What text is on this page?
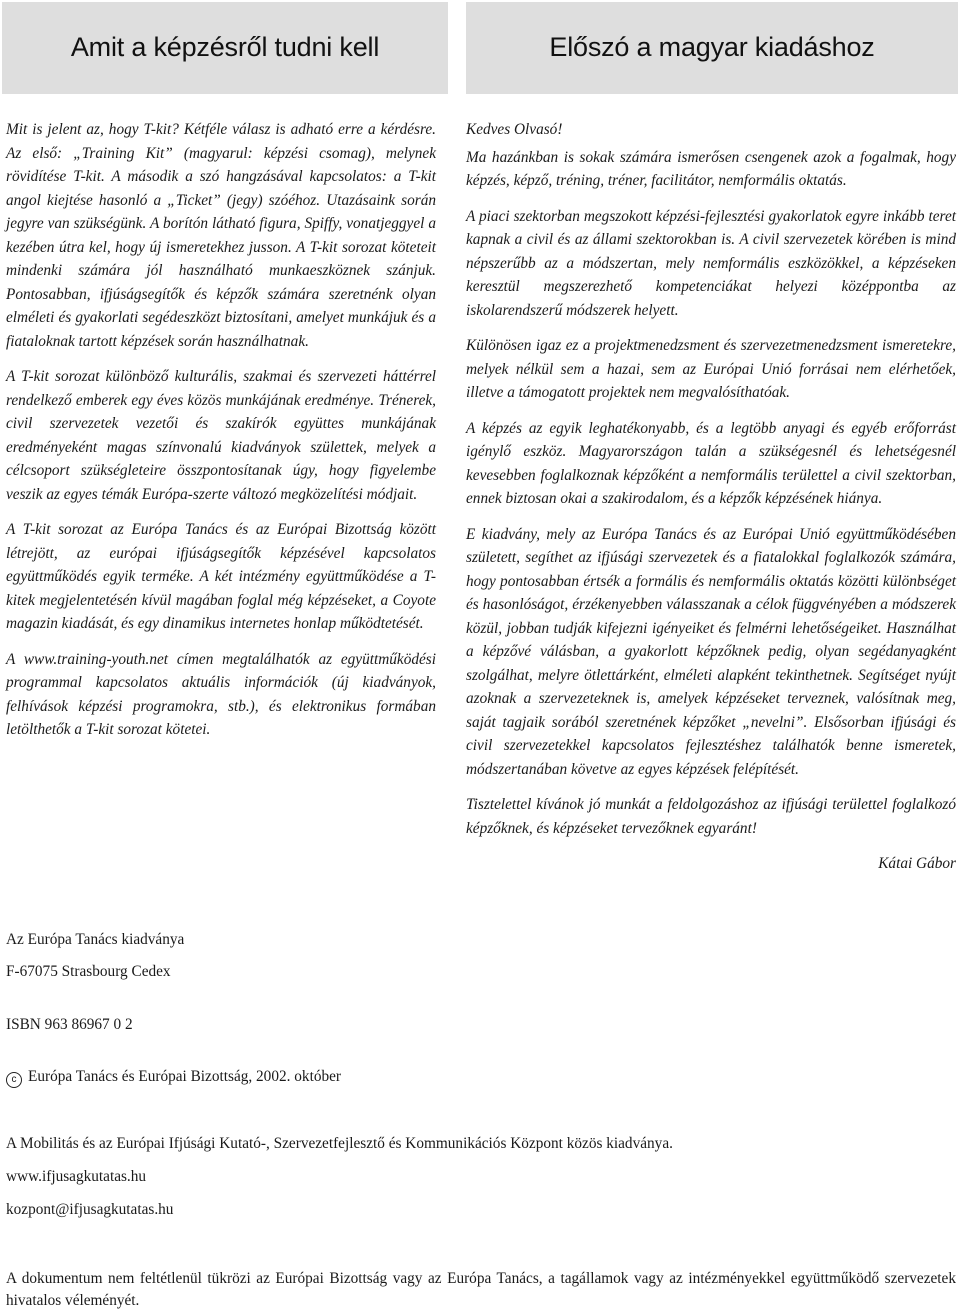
Amit a képzésről tudni kell	Előszó a magyar kiadáshoz

Mit is jelent az, hogy T-kit? Kétféle válasz is adható erre a kérdésre. Az első: „Training Kit” (magyarul: képzési csomag), melynek rövidítése T-kit. A második a szó hangzásával kapcsolatos: a T-kit angol kiejtése hasonló a „Ticket” (jegy) szóéhoz. Utazásaink során jegyre van szükségünk. A borítón látható figura, Spiffy, vonatjeggyel a kezében útra kel, hogy új ismeretekhez jusson. A T-kit sorozat köteteit mindenki számára jól használható munkaeszköznek szánjuk. Pontosabban, ifjúságsegítők és képzők számára szeretnénk olyan elméleti és gyakorlati segédeszközt biztosítani, amelyet munkájuk és a fiataloknak tartott képzések során használhatnak.

A T-kit sorozat különböző kulturális, szakmai és szervezeti háttérrel rendelkező emberek egy éves közös munkájának eredménye. Trénerek, civil szervezetek vezetői és szakírók együttes munkájának eredményeként magas színvonalú kiadványok születtek, melyek a célcsoport szükségleteire összpontosítanak úgy, hogy figyelembe veszik az egyes témák Európa-szerte változó megközelítési módjait.

A T-kit sorozat az Európa Tanács és az Európai Bizottság között létrejött, az európai ifjúságsegítők képzésével kapcsolatos együttműködés egyik terméke. A két intézmény együttműködése a T-kitek megjelentetésén kívül magában foglal még képzéseket, a Coyote magazin kiadását, és egy dinamikus internetes honlap működtetését.

A www.training-youth.net címen megtalálhatók az együttműködési programmal kapcsolatos aktuális információk (új kiadványok, felhívások képzési programokra, stb.), és elektronikus formában letölthetők a T-kit sorozat kötetei.

Kedves Olvasó!

Ma hazánkban is sokak számára ismerősen csengenek azok a fogalmak, hogy képzés, képző, tréning, tréner, facilitátor, nemformális oktatás.

A piaci szektorban megszokott képzési-fejlesztési gyakorlatok egyre inkább teret kapnak a civil és az állami szektorokban is. A civil szervezetek körében is mind népszerűbb az a módszertan, mely nemformális eszközökkel, a képzéseken keresztül megszerezhető kompetenciákat helyezi középpontba az iskolarendszerű módszerek helyett.

Különösen igaz ez a projektmenedzsment és szervezetmenedzsment ismeretekre, melyek nélkül sem a hazai, sem az Európai Unió forrásai nem elérhetőek, illetve a támogatott projektek nem megvalósíthatóak.

A képzés az egyik leghatékonyabb, és a legtöbb anyagi és egyéb erőforrást igénylő eszköz. Magyarországon talán a szükségesnél és lehetségesnél kevesebben foglalkoznak képzőként a nemformális területtel a civil szektorban, ennek biztosan okai a szakirodalom, és a képzők képzésének hiánya.

E kiadvány, mely az Európa Tanács és az Európai Unió együttműködésében született, segíthet az ifjúsági szervezetek és a fiatalokkal foglalkozók számára, hogy pontosabban értsék a formális és nemformális oktatás közötti különbséget és hasonlóságot, érzékenyebben válasszanak a célok függvényében a módszerek közül, jobban tudják kifejezni igényeiket és felmérni lehetőségeiket. Használhat a képzővé válásban, a gyakorlott képzőknek pedig, olyan segédanyagként szolgálhat, melyre ötlettárként, elméleti alapként tekinthetnek. Segítséget nyújt azoknak a szervezeteknek is, amelyek képzéseket terveznek, valósítnak meg, saját tagjaik sorából szeretnének képzőket „nevelni”. Elsősorban ifjúsági és civil szervezetekkel kapcsolatos fejlesztéshez találhatók benne ismeretek, módszertanában követve az egyes képzések felépítését.

Tisztelettel kívánok jó munkát a feldolgozáshoz az ifjúsági területtel foglalkozó képzőknek, és képzéseket tervezőknek egyaránt!

Kátai Gábor

Az Európa Tanács kiadványa
F-67075 Strasbourg Cedex
ISBN 963 86967 0 2
c Európa Tanács és Európai Bizottság, 2002. október
A Mobilitás és az Európai Ifjúsági Kutató-, Szervezetfejlesztő és Kommunikációs Központ közös kiadványa.
www.ifjusagkutatas.hu
kozpont@ifjusagkutatas.hu
A dokumentum nem feltétlenül tükrözi az Európai Bizottság vagy az Európa Tanács, a tagállamok vagy az intézményekkel együttműködő szervezetek hivatalos véleményét.
